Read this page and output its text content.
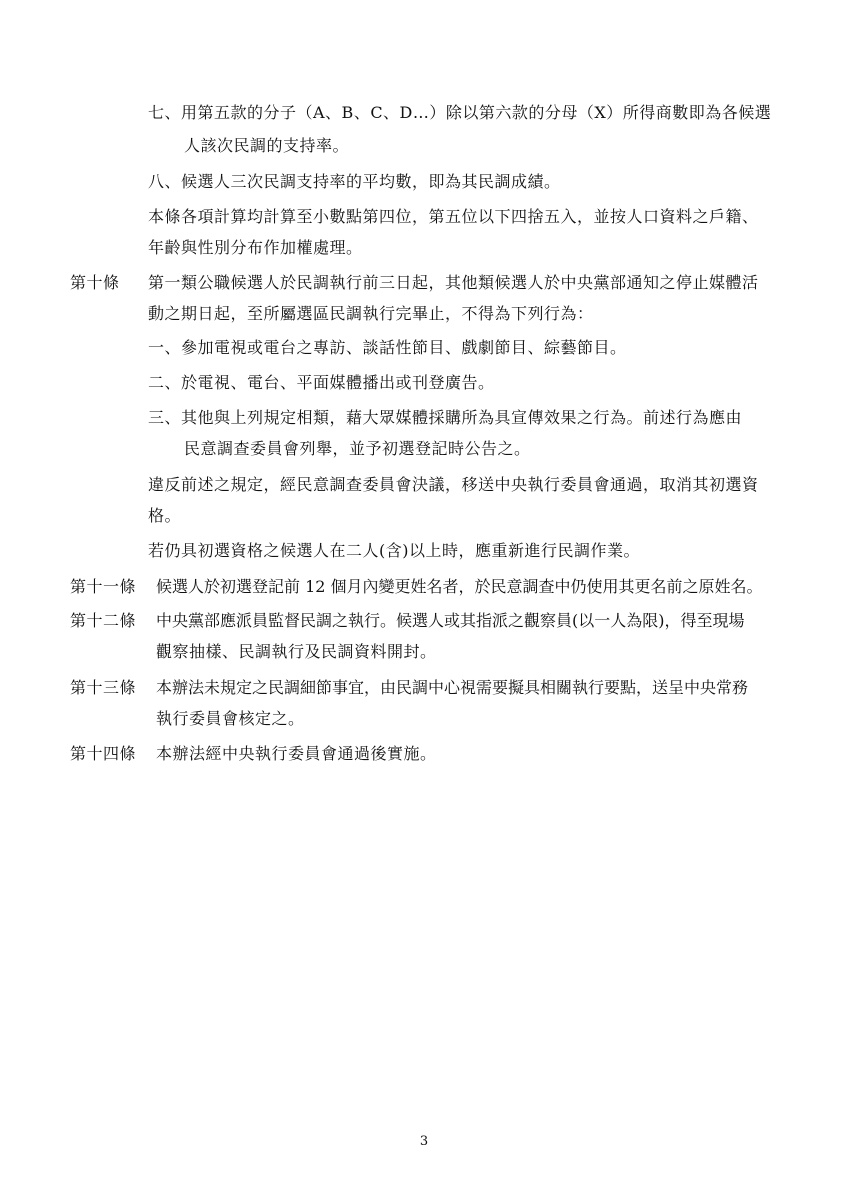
七、用第五款的分子（A、B、C、D…）除以第六款的分母（X）所得商數即為各候選
人該次民調的支持率。
八、候選人三次民調支持率的平均數，即為其民調成績。
本條各項計算均計算至小數點第四位，第五位以下四捨五入，並按人口資料之戶籍、
年齡與性別分布作加權處理。
第十條 第一類公職候選人於民調執行前三日起，其他類候選人於中央黨部通知之停止媒體活
動之期日起，至所屬選區民調執行完畢止，不得為下列行為：
一、參加電視或電台之專訪、談話性節目、戲劇節目、綜藝節目。
二、於電視、電台、平面媒體播出或刊登廣告。
三、其他與上列規定相類，藉大眾媒體採購所為具宣傳效果之行為。前述行為應由
民意調查委員會列舉，並予初選登記時公告之。
違反前述之規定，經民意調查委員會決議，移送中央執行委員會通過，取消其初選資
格。
若仍具初選資格之候選人在二人(含)以上時，應重新進行民調作業。
第十一條 候選人於初選登記前 12 個月內變更姓名者，於民意調查中仍使用其更名前之原姓名。
第十二條 中央黨部應派員監督民調之執行。候選人或其指派之觀察員(以一人為限)，得至現場
觀察抽樣、民調執行及民調資料開封。
第十三條 本辦法未規定之民調細節事宜，由民調中心視需要擬具相關執行要點，送呈中央常務
執行委員會核定之。
第十四條 本辦法經中央執行委員會通過後實施。
3
